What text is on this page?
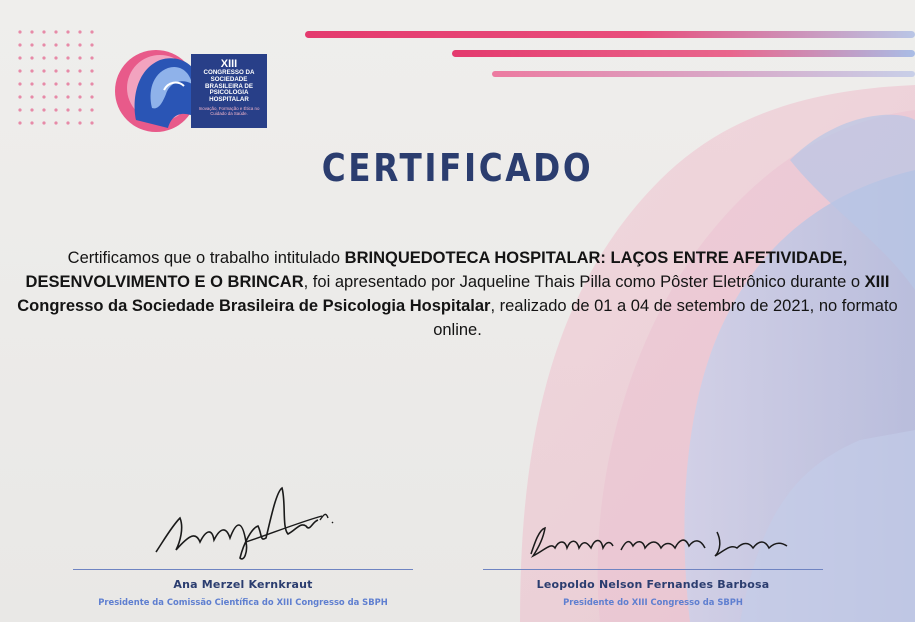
XIII
CONGRESSO DA SOCIEDADE BRASILEIRA DE PSICOLOGIA HOSPITALAR
Inovação, Formação e Ética no Cuidado da Saúde.
CERTIFICADO

Certificamos que o trabalho intitulado BRINQUEDOTECA HOSPITALAR: LAÇOS ENTRE AFETIVIDADE, DESENVOLVIMENTO E O BRINCAR, foi apresentado por Jaqueline Thais Pilla como Pôster Eletrônico durante o XIII Congresso da Sociedade Brasileira de Psicologia Hospitalar, realizado de 01 a 04 de setembro de 2021, no formato online.

Ana Merzel Kernkraut
Presidente da Comissão Científica do XIII Congresso da SBPH
Leopoldo Nelson Fernandes Barbosa
Presidente do XIII Congresso da SBPH
